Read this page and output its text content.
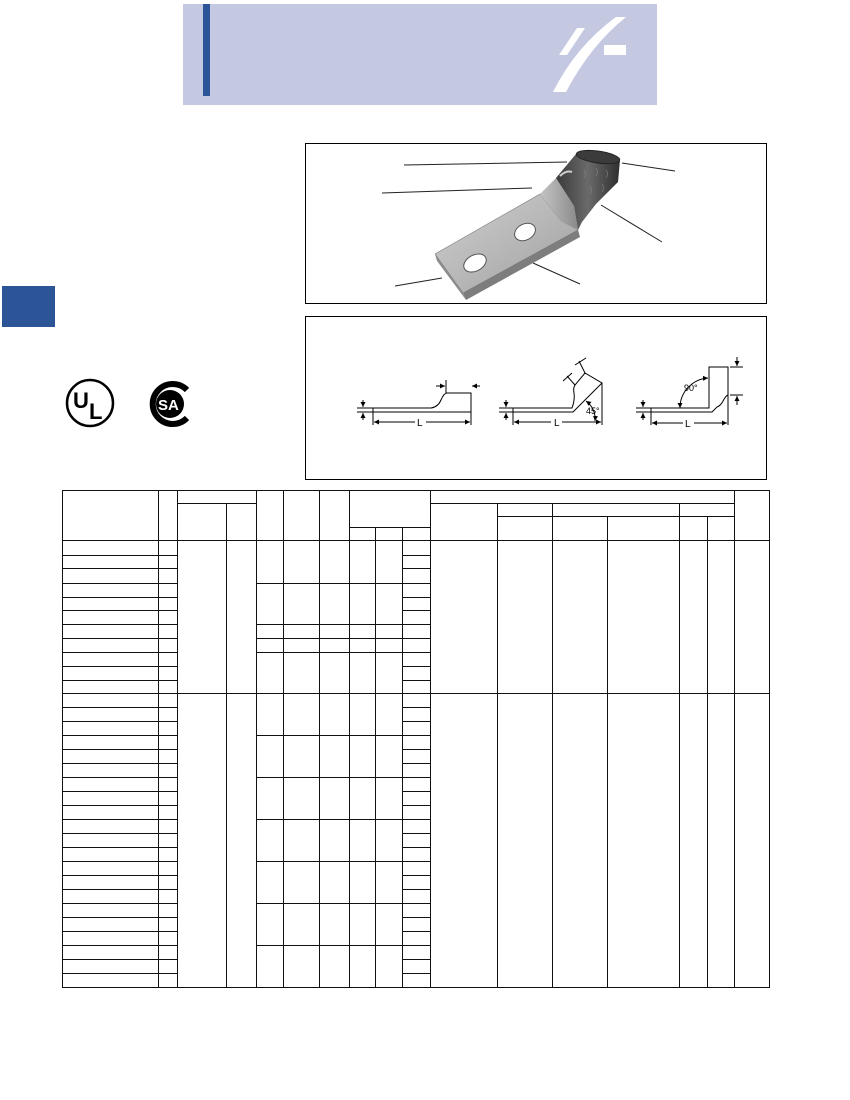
U L	SA
L	L
45°
L
90°
